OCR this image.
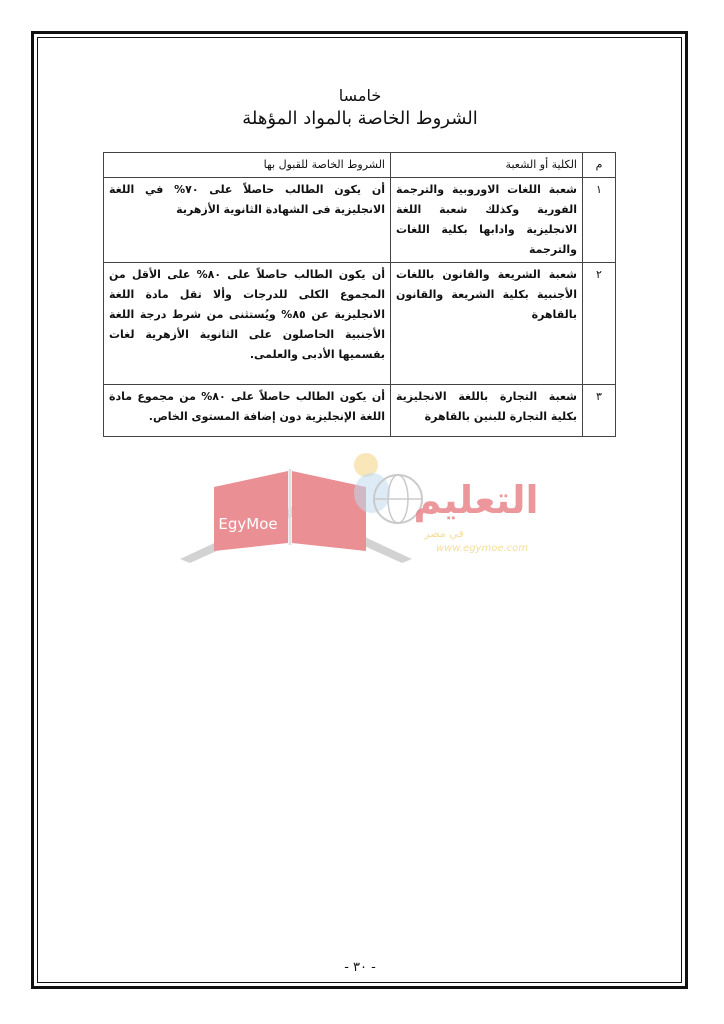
خامسا
الشروط الخاصة بالمواد المؤهلة
م	الكلية أو الشعبة	الشروط الخاصة للقبول بها
١	شعبة اللغات الاوروبية والترجمة الفورية وكذلك شعبة اللغة الانجليزية وادابها بكلية اللغات والترجمة	أن يكون الطالب حاصلاً على ٧٠% في اللغة الانجليزية فى الشهادة الثانوية الأزهرية
٢	شعبة الشريعة والقانون باللغات الأجنبية بكلية الشريعة والقانون بالقاهرة	أن يكون الطالب حاصلاً على ٨٠% على الأقل من المجموع الكلى للدرجات وألا تقل مادة اللغة الانجليزية عن ٨٥% ويُستثنى من شرط درجة اللغة الأجنبية الحاصلون على الثانوية الأزهرية لغات بقسميها الأدبى والعلمى.
٣	شعبة التجارة باللغة الانجليزية بكلية التجارة للبنين بالقاهرة	أن يكون الطالب حاصلاً على ٨٠% من مجموع مادة اللغة الإنجليزية دون إضافة المستوى الخاص.
EgyMoe
التعليم
في مصر
www.egymoe.com
- ٣٠ -
